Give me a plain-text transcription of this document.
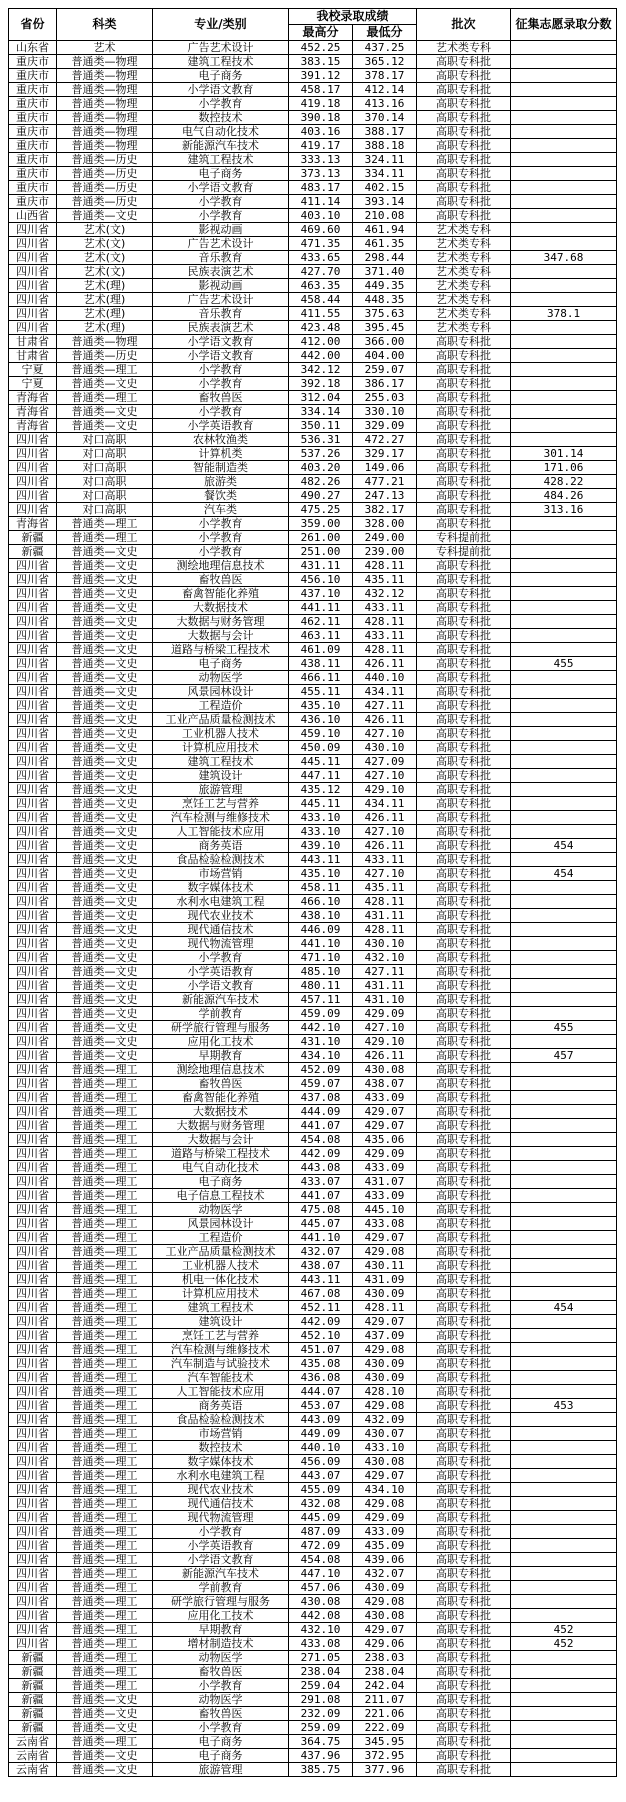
省份	科类	专业/类别	我校录取成绩		批次	征集志愿录取分数
			最高分	最低分		
山东省	艺术	广告艺术设计	452.25	437.25	艺术类专科	
重庆市	普通类—物理	建筑工程技术	383.15	365.12	高职专科批	
重庆市	普通类—物理	电子商务	391.12	378.17	高职专科批	
重庆市	普通类—物理	小学语文教育	458.17	412.14	高职专科批	
重庆市	普通类—物理	小学教育	419.18	413.16	高职专科批	
重庆市	普通类—物理	数控技术	390.18	370.14	高职专科批	
重庆市	普通类—物理	电气自动化技术	403.16	388.17	高职专科批	
重庆市	普通类—物理	新能源汽车技术	419.17	388.18	高职专科批	
重庆市	普通类—历史	建筑工程技术	333.13	324.11	高职专科批	
重庆市	普通类—历史	电子商务	373.13	334.11	高职专科批	
重庆市	普通类—历史	小学语文教育	483.17	402.15	高职专科批	
重庆市	普通类—历史	小学教育	411.14	393.14	高职专科批	
山西省	普通类—文史	小学教育	403.10	210.08	高职专科批	
四川省	艺术(文)	影视动画	469.60	461.94	艺术类专科	
四川省	艺术(文)	广告艺术设计	471.35	461.35	艺术类专科	
四川省	艺术(文)	音乐教育	433.65	298.44	艺术类专科	347.68
四川省	艺术(文)	民族表演艺术	427.70	371.40	艺术类专科	
四川省	艺术(理)	影视动画	463.35	449.35	艺术类专科	
四川省	艺术(理)	广告艺术设计	458.44	448.35	艺术类专科	
四川省	艺术(理)	音乐教育	411.55	375.63	艺术类专科	378.1
四川省	艺术(理)	民族表演艺术	423.48	395.45	艺术类专科	
甘肃省	普通类—物理	小学语文教育	412.00	366.00	高职专科批	
甘肃省	普通类—历史	小学语文教育	442.00	404.00	高职专科批	
宁夏	普通类—理工	小学教育	342.12	259.07	高职专科批	
宁夏	普通类—文史	小学教育	392.18	386.17	高职专科批	
青海省	普通类—理工	畜牧兽医	312.04	255.03	高职专科批	
青海省	普通类—文史	小学教育	334.14	330.10	高职专科批	
青海省	普通类—文史	小学英语教育	350.11	329.09	高职专科批	
四川省	对口高职	农林牧渔类	536.31	472.27	高职专科批	
四川省	对口高职	计算机类	537.26	329.17	高职专科批	301.14
四川省	对口高职	智能制造类	403.20	149.06	高职专科批	171.06
四川省	对口高职	旅游类	482.26	477.21	高职专科批	428.22
四川省	对口高职	餐饮类	490.27	247.13	高职专科批	484.26
四川省	对口高职	汽车类	475.25	382.17	高职专科批	313.16
青海省	普通类—理工	小学教育	359.00	328.00	高职专科批	
新疆	普通类—理工	小学教育	261.00	249.00	专科提前批	
新疆	普通类—文史	小学教育	251.00	239.00	专科提前批	
四川省	普通类—文史	测绘地理信息技术	431.11	428.11	高职专科批	
四川省	普通类—文史	畜牧兽医	456.10	435.11	高职专科批	
四川省	普通类—文史	畜禽智能化养殖	437.10	432.12	高职专科批	
四川省	普通类—文史	大数据技术	441.11	433.11	高职专科批	
四川省	普通类—文史	大数据与财务管理	462.11	428.11	高职专科批	
四川省	普通类—文史	大数据与会计	463.11	433.11	高职专科批	
四川省	普通类—文史	道路与桥梁工程技术	461.09	428.11	高职专科批	
四川省	普通类—文史	电子商务	438.11	426.11	高职专科批	455
四川省	普通类—文史	动物医学	466.11	440.10	高职专科批	
四川省	普通类—文史	风景园林设计	455.11	434.11	高职专科批	
四川省	普通类—文史	工程造价	435.10	427.11	高职专科批	
四川省	普通类—文史	工业产品质量检测技术	436.10	426.11	高职专科批	
四川省	普通类—文史	工业机器人技术	459.10	427.10	高职专科批	
四川省	普通类—文史	计算机应用技术	450.09	430.10	高职专科批	
四川省	普通类—文史	建筑工程技术	445.11	427.09	高职专科批	
四川省	普通类—文史	建筑设计	447.11	427.10	高职专科批	
四川省	普通类—文史	旅游管理	435.12	429.10	高职专科批	
四川省	普通类—文史	烹饪工艺与营养	445.11	434.11	高职专科批	
四川省	普通类—文史	汽车检测与维修技术	433.10	426.11	高职专科批	
四川省	普通类—文史	人工智能技术应用	433.10	427.10	高职专科批	
四川省	普通类—文史	商务英语	439.10	426.11	高职专科批	454
四川省	普通类—文史	食品检验检测技术	443.11	433.11	高职专科批	
四川省	普通类—文史	市场营销	435.10	427.10	高职专科批	454
四川省	普通类—文史	数字媒体技术	458.11	435.11	高职专科批	
四川省	普通类—文史	水利水电建筑工程	466.10	428.11	高职专科批	
四川省	普通类—文史	现代农业技术	438.10	431.11	高职专科批	
四川省	普通类—文史	现代通信技术	446.09	428.11	高职专科批	
四川省	普通类—文史	现代物流管理	441.10	430.10	高职专科批	
四川省	普通类—文史	小学教育	471.10	432.10	高职专科批	
四川省	普通类—文史	小学英语教育	485.10	427.11	高职专科批	
四川省	普通类—文史	小学语文教育	480.11	431.11	高职专科批	
四川省	普通类—文史	新能源汽车技术	457.11	431.10	高职专科批	
四川省	普通类—文史	学前教育	459.09	429.09	高职专科批	
四川省	普通类—文史	研学旅行管理与服务	442.10	427.10	高职专科批	455
四川省	普通类—文史	应用化工技术	431.10	429.10	高职专科批	
四川省	普通类—文史	早期教育	434.10	426.11	高职专科批	457
四川省	普通类—理工	测绘地理信息技术	452.09	430.08	高职专科批	
四川省	普通类—理工	畜牧兽医	459.07	438.07	高职专科批	
四川省	普通类—理工	畜禽智能化养殖	437.08	433.09	高职专科批	
四川省	普通类—理工	大数据技术	444.09	429.07	高职专科批	
四川省	普通类—理工	大数据与财务管理	441.07	429.07	高职专科批	
四川省	普通类—理工	大数据与会计	454.08	435.06	高职专科批	
四川省	普通类—理工	道路与桥梁工程技术	442.09	429.09	高职专科批	
四川省	普通类—理工	电气自动化技术	443.08	433.09	高职专科批	
四川省	普通类—理工	电子商务	433.07	431.07	高职专科批	
四川省	普通类—理工	电子信息工程技术	441.07	433.09	高职专科批	
四川省	普通类—理工	动物医学	475.08	445.10	高职专科批	
四川省	普通类—理工	风景园林设计	445.07	433.08	高职专科批	
四川省	普通类—理工	工程造价	441.10	429.07	高职专科批	
四川省	普通类—理工	工业产品质量检测技术	432.07	429.08	高职专科批	
四川省	普通类—理工	工业机器人技术	438.07	430.11	高职专科批	
四川省	普通类—理工	机电一体化技术	443.11	431.09	高职专科批	
四川省	普通类—理工	计算机应用技术	467.08	430.09	高职专科批	
四川省	普通类—理工	建筑工程技术	452.11	428.11	高职专科批	454
四川省	普通类—理工	建筑设计	442.09	429.07	高职专科批	
四川省	普通类—理工	烹饪工艺与营养	452.10	437.09	高职专科批	
四川省	普通类—理工	汽车检测与维修技术	451.07	429.08	高职专科批	
四川省	普通类—理工	汽车制造与试验技术	435.08	430.09	高职专科批	
四川省	普通类—理工	汽车智能技术	436.08	430.09	高职专科批	
四川省	普通类—理工	人工智能技术应用	444.07	428.10	高职专科批	
四川省	普通类—理工	商务英语	453.07	429.08	高职专科批	453
四川省	普通类—理工	食品检验检测技术	443.09	432.09	高职专科批	
四川省	普通类—理工	市场营销	449.09	430.07	高职专科批	
四川省	普通类—理工	数控技术	440.10	433.10	高职专科批	
四川省	普通类—理工	数字媒体技术	456.09	430.08	高职专科批	
四川省	普通类—理工	水利水电建筑工程	443.07	429.07	高职专科批	
四川省	普通类—理工	现代农业技术	455.09	434.10	高职专科批	
四川省	普通类—理工	现代通信技术	432.08	429.08	高职专科批	
四川省	普通类—理工	现代物流管理	445.09	429.09	高职专科批	
四川省	普通类—理工	小学教育	487.09	433.09	高职专科批	
四川省	普通类—理工	小学英语教育	472.09	435.09	高职专科批	
四川省	普通类—理工	小学语文教育	454.08	439.06	高职专科批	
四川省	普通类—理工	新能源汽车技术	447.10	432.07	高职专科批	
四川省	普通类—理工	学前教育	457.06	430.09	高职专科批	
四川省	普通类—理工	研学旅行管理与服务	430.08	429.08	高职专科批	
四川省	普通类—理工	应用化工技术	442.08	430.08	高职专科批	
四川省	普通类—理工	早期教育	432.10	429.07	高职专科批	452
四川省	普通类—理工	增材制造技术	433.08	429.06	高职专科批	452
新疆	普通类—理工	动物医学	271.05	238.03	高职专科批	
新疆	普通类—理工	畜牧兽医	238.04	238.04	高职专科批	
新疆	普通类—理工	小学教育	259.04	242.04	高职专科批	
新疆	普通类—文史	动物医学	291.08	211.07	高职专科批	
新疆	普通类—文史	畜牧兽医	232.09	221.06	高职专科批	
新疆	普通类—文史	小学教育	259.09	222.09	高职专科批	
云南省	普通类—理工	电子商务	364.75	345.95	高职专科批	
云南省	普通类—文史	电子商务	437.96	372.95	高职专科批	
云南省	普通类—文史	旅游管理	385.75	377.96	高职专科批	
